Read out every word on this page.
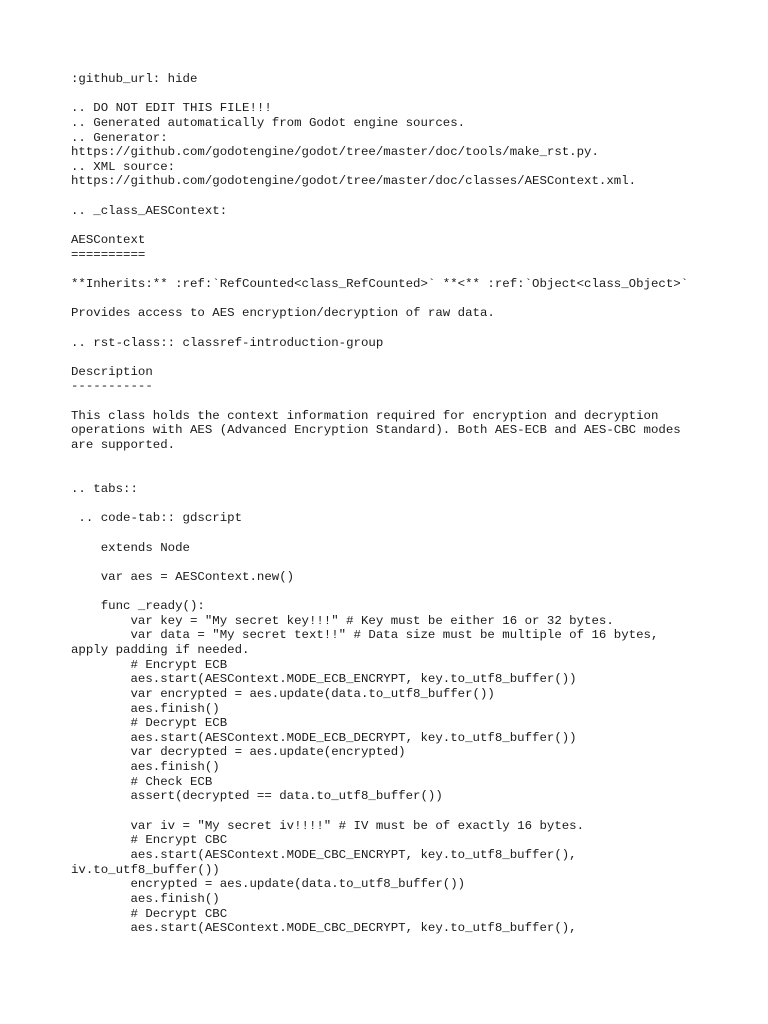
:github_url: hide
.. DO NOT EDIT THIS FILE!!!
.. Generated automatically from Godot engine sources.
.. Generator:
https://github.com/godotengine/godot/tree/master/doc/tools/make_rst.py.
.. XML source:
https://github.com/godotengine/godot/tree/master/doc/classes/AESContext.xml.
.. _class_AESContext:
AESContext
==========
**Inherits:** :ref:`RefCounted<class_RefCounted>` **<** :ref:`Object<class_Object>`
Provides access to AES encryption/decryption of raw data.
.. rst-class:: classref-introduction-group
Description
-----------
This class holds the context information required for encryption and decryption
operations with AES (Advanced Encryption Standard). Both AES-ECB and AES-CBC modes
are supported.
.. tabs::
.. code-tab:: gdscript
extends Node
var aes = AESContext.new()
func _ready():
var key = "My secret key!!!" # Key must be either 16 or 32 bytes.
var data = "My secret text!!" # Data size must be multiple of 16 bytes,
apply padding if needed.
# Encrypt ECB
aes.start(AESContext.MODE_ECB_ENCRYPT, key.to_utf8_buffer())
var encrypted = aes.update(data.to_utf8_buffer())
aes.finish()
# Decrypt ECB
aes.start(AESContext.MODE_ECB_DECRYPT, key.to_utf8_buffer())
var decrypted = aes.update(encrypted)
aes.finish()
# Check ECB
assert(decrypted == data.to_utf8_buffer())
var iv = "My secret iv!!!!" # IV must be of exactly 16 bytes.
# Encrypt CBC
aes.start(AESContext.MODE_CBC_ENCRYPT, key.to_utf8_buffer(),
iv.to_utf8_buffer())
encrypted = aes.update(data.to_utf8_buffer())
aes.finish()
# Decrypt CBC
aes.start(AESContext.MODE_CBC_DECRYPT, key.to_utf8_buffer(),
